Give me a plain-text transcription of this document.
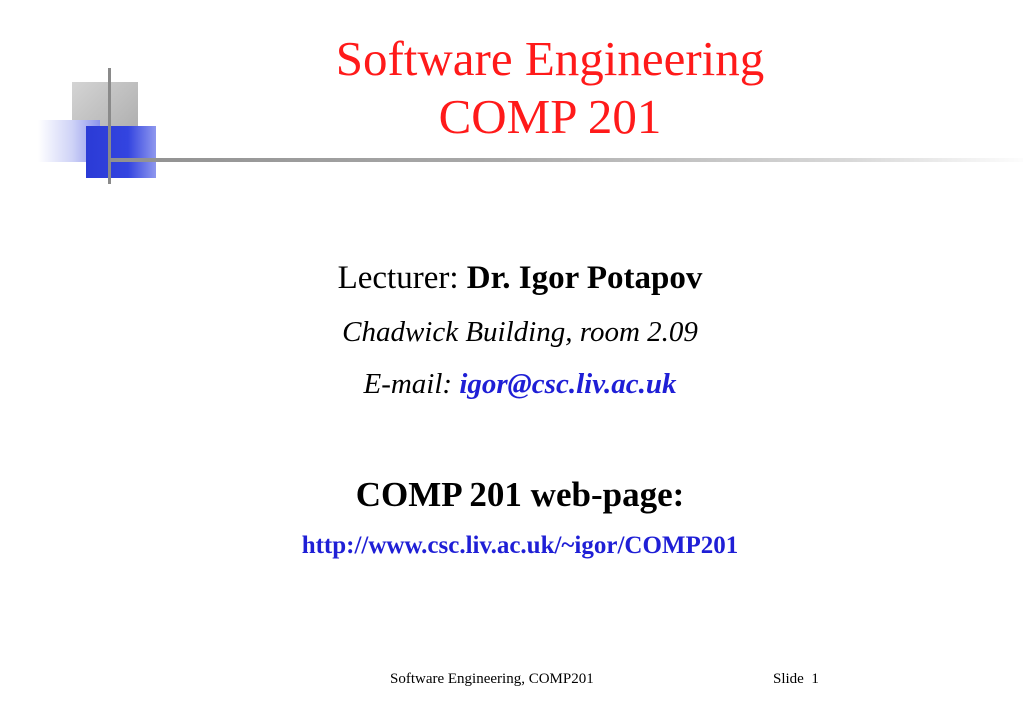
Software Engineering
COMP 201
Lecturer: Dr. Igor Potapov
Chadwick Building, room 2.09
E-mail: igor@csc.liv.ac.uk
COMP 201 web-page:
http://www.csc.liv.ac.uk/~igor/COMP201
Software Engineering, COMP201	Slide  1
